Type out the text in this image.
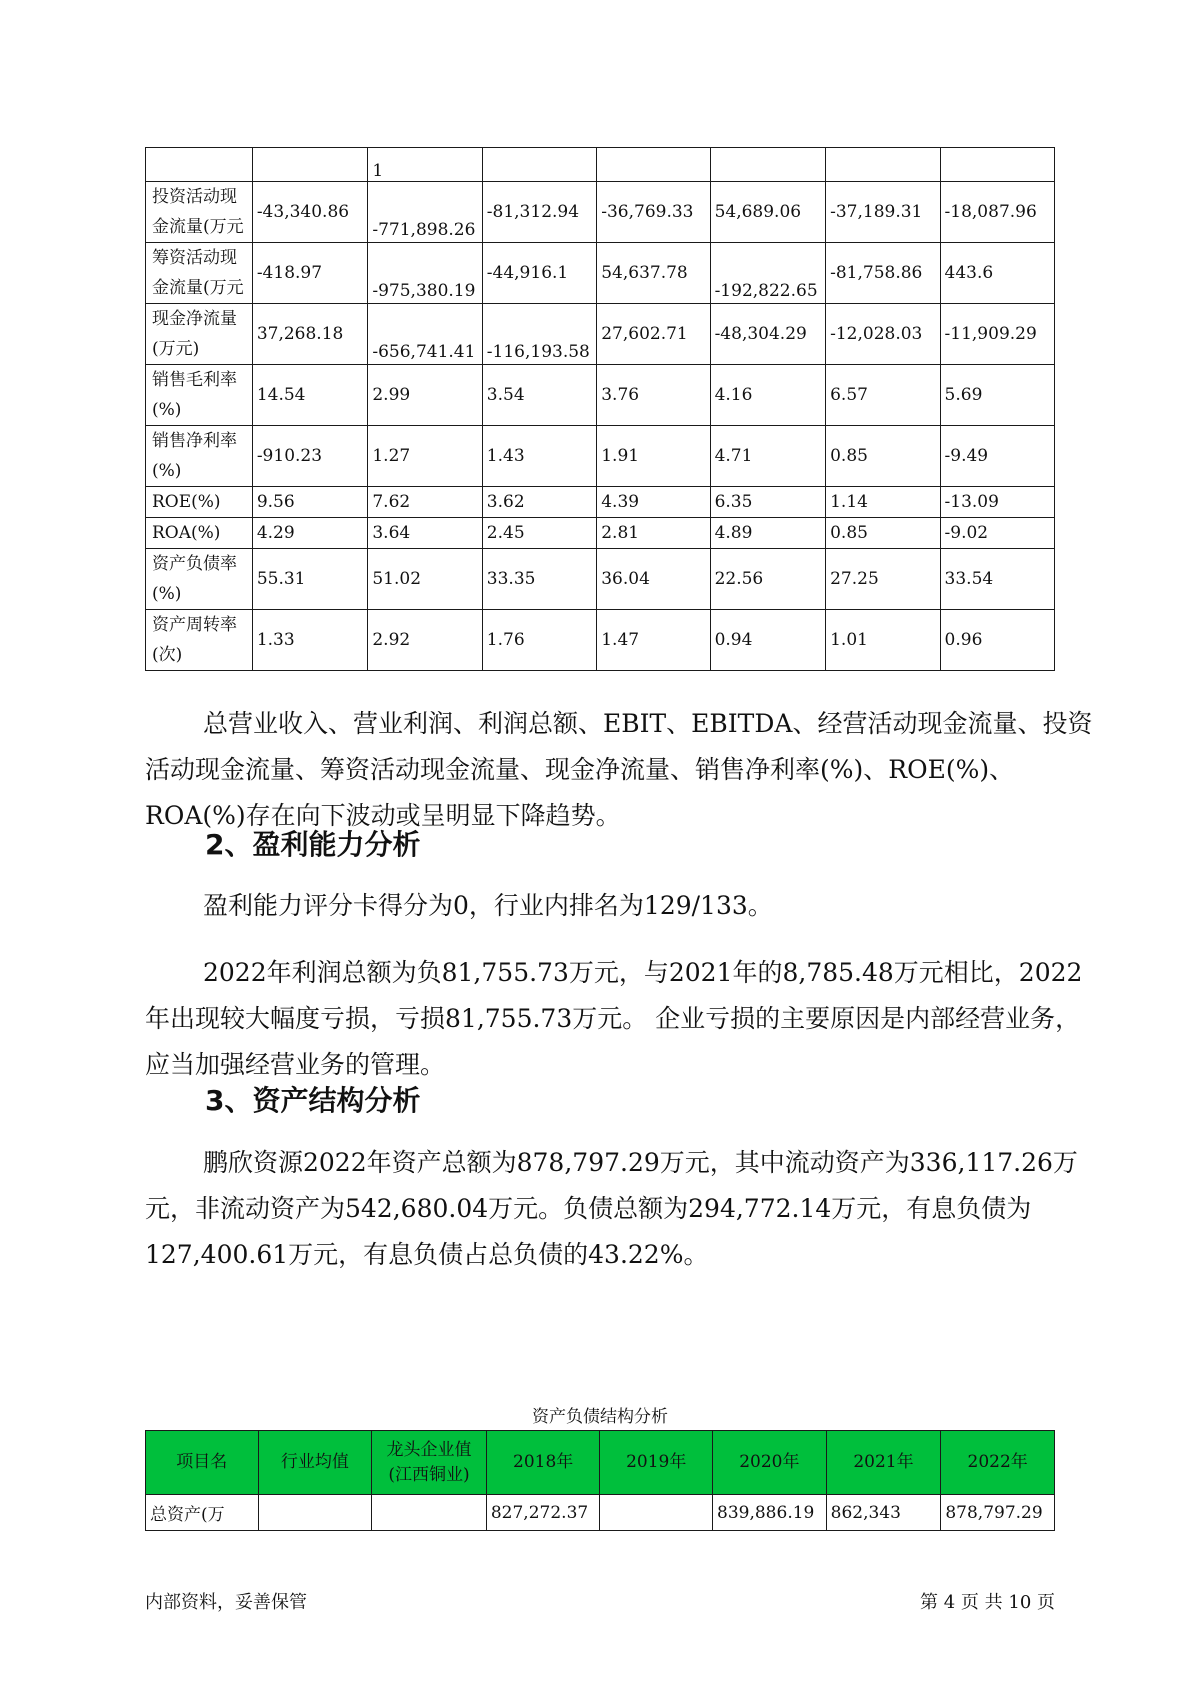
		1					
投资活动现金流量(万元	-43,340.86	-771,898.26	-81,312.94	-36,769.33	54,689.06	-37,189.31	-18,087.96
筹资活动现金流量(万元	-418.97	-975,380.19	-44,916.1	54,637.78	-192,822.65	-81,758.86	443.6
现金净流量(万元)	37,268.18	-656,741.41	-116,193.58	27,602.71	-48,304.29	-12,028.03	-11,909.29
销售毛利率(%)	14.54	2.99	3.54	3.76	4.16	6.57	5.69
销售净利率(%)	-910.23	1.27	1.43	1.91	4.71	0.85	-9.49
ROE(%)	9.56	7.62	3.62	4.39	6.35	1.14	-13.09
ROA(%)	4.29	3.64	2.45	2.81	4.89	0.85	-9.02
资产负债率(%)	55.31	51.02	33.35	36.04	22.56	27.25	33.54
资产周转率(次)	1.33	2.92	1.76	1.47	0.94	1.01	0.96

总营业收入、营业利润、利润总额、EBIT、EBITDA、经营活动现金流量、投资活动现金流量、筹资活动现金流量、现金净流量、销售净利率(%)、ROE(%)、ROA(%)存在向下波动或呈明显下降趋势。

2、盈利能力分析

盈利能力评分卡得分为0，行业内排名为129/133。

2022年利润总额为负81,755.73万元，与2021年的8,785.48万元相比，2022年出现较大幅度亏损，亏损81,755.73万元。 企业亏损的主要原因是内部经营业务，应当加强经营业务的管理。

3、资产结构分析

鹏欣资源2022年资产总额为878,797.29万元，其中流动资产为336,117.26万元，非流动资产为542,680.04万元。负债总额为294,772.14万元，有息负债为127,400.61万元，有息负债占总负债的43.22%。

资产负债结构分析
项目名	行业均值	龙头企业值(江西铜业)	2018年	2019年	2020年	2021年	2022年
总资产(万			827,272.37		839,886.19	862,343	878,797.29
内部资料，妥善保管	第 4 页 共 10 页
